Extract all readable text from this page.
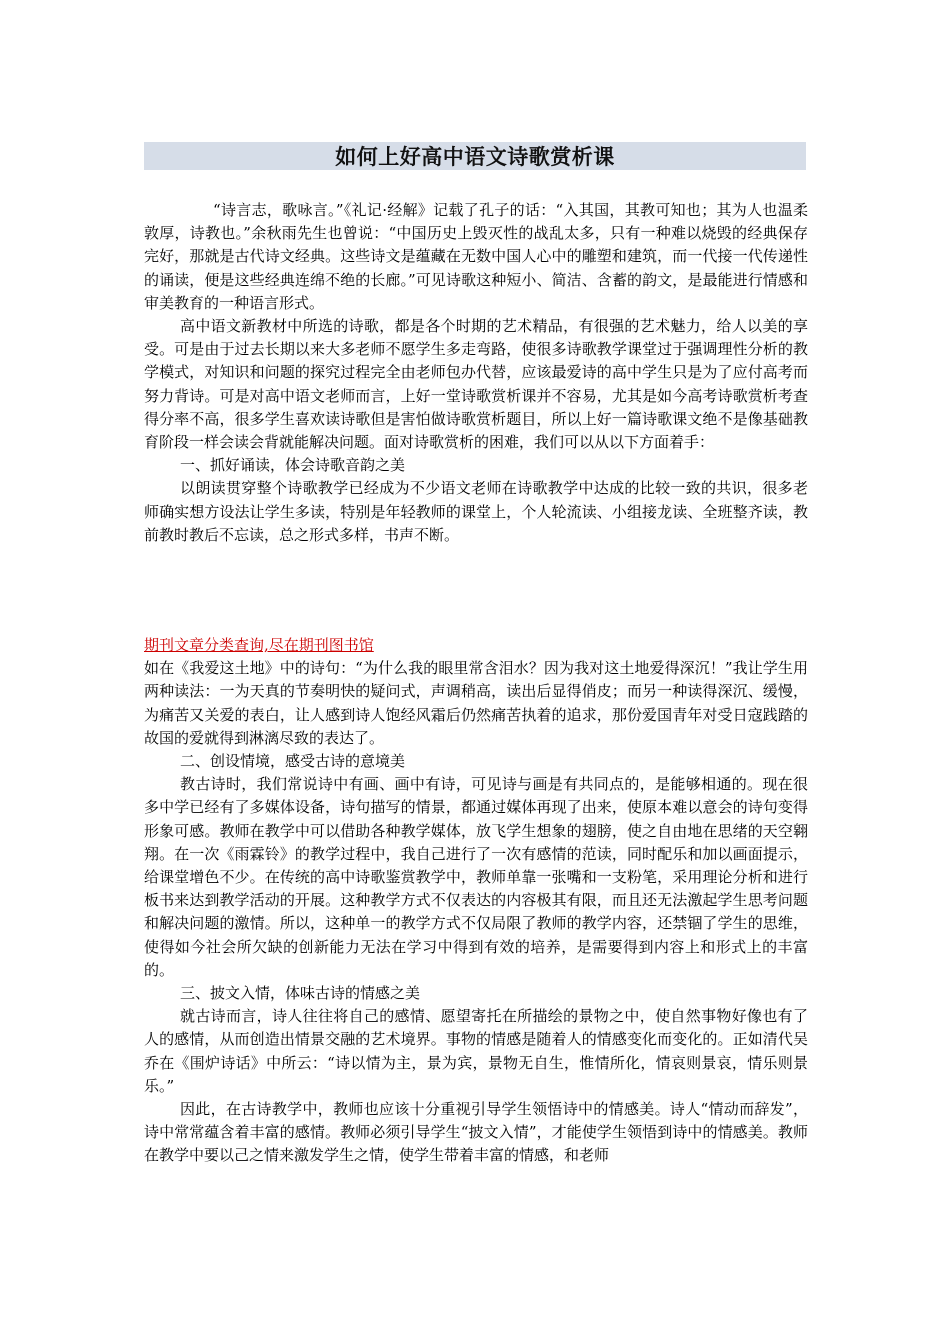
如何上好高中语文诗歌赏析课

“诗言志，歌咏言。”《礼记·经解》记载了孔子的话：“入其国，其教可知也；其为人也温柔敦厚，诗教也。”余秋雨先生也曾说：“中国历史上毁灭性的战乱太多，只有一种难以烧毁的经典保存完好，那就是古代诗文经典。这些诗文是蕴藏在无数中国人心中的雕塑和建筑，而一代接一代传递性的诵读，便是这些经典连绵不绝的长廊。”可见诗歌这种短小、简洁、含蓄的韵文，是最能进行情感和审美教育的一种语言形式。

高中语文新教材中所选的诗歌，都是各个时期的艺术精品，有很强的艺术魅力，给人以美的享受。可是由于过去长期以来大多老师不愿学生多走弯路，使很多诗歌教学课堂过于强调理性分析的教学模式，对知识和问题的探究过程完全由老师包办代替，应该最爱诗的高中学生只是为了应付高考而努力背诗。可是对高中语文老师而言，上好一堂诗歌赏析课并不容易，尤其是如今高考诗歌赏析考查得分率不高，很多学生喜欢读诗歌但是害怕做诗歌赏析题目，所以上好一篇诗歌课文绝不是像基础教育阶段一样会读会背就能解决问题。面对诗歌赏析的困难，我们可以从以下方面着手：

一、抓好诵读，体会诗歌音韵之美

以朗读贯穿整个诗歌教学已经成为不少语文老师在诗歌教学中达成的比较一致的共识，很多老师确实想方设法让学生多读，特别是年轻教师的课堂上，个人轮流读、小组接龙读、全班整齐读，教前教时教后不忘读，总之形式多样，书声不断。

期刊文章分类查询,尽在期刊图书馆

如在《我爱这土地》中的诗句：“为什么我的眼里常含泪水？因为我对这土地爱得深沉！”我让学生用两种读法：一为天真的节奏明快的疑问式，声调稍高，读出后显得俏皮；而另一种读得深沉、缓慢，为痛苦又关爱的表白，让人感到诗人饱经风霜后仍然痛苦执着的追求，那份爱国青年对受日寇践踏的故国的爱就得到淋漓尽致的表达了。

二、创设情境，感受古诗的意境美

教古诗时，我们常说诗中有画、画中有诗，可见诗与画是有共同点的，是能够相通的。现在很多中学已经有了多媒体设备，诗句描写的情景，都通过媒体再现了出来，使原本难以意会的诗句变得形象可感。教师在教学中可以借助各种教学媒体，放飞学生想象的翅膀，使之自由地在思绪的天空翱翔。在一次《雨霖铃》的教学过程中，我自己进行了一次有感情的范读，同时配乐和加以画面提示，给课堂增色不少。在传统的高中诗歌鉴赏教学中，教师单靠一张嘴和一支粉笔，采用理论分析和进行板书来达到教学活动的开展。这种教学方式不仅表达的内容极其有限，而且还无法激起学生思考问题和解决问题的激情。所以，这种单一的教学方式不仅局限了教师的教学内容，还禁锢了学生的思维，使得如今社会所欠缺的创新能力无法在学习中得到有效的培养，是需要得到内容上和形式上的丰富的。

三、披文入情，体味古诗的情感之美

就古诗而言，诗人往往将自己的感情、愿望寄托在所描绘的景物之中，使自然事物好像也有了人的感情，从而创造出情景交融的艺术境界。事物的情感是随着人的情感变化而变化的。正如清代吴乔在《围炉诗话》中所云：“诗以情为主，景为宾，景物无自生，惟情所化，情哀则景哀，情乐则景乐。”

因此，在古诗教学中，教师也应该十分重视引导学生领悟诗中的情感美。诗人“情动而辞发”，诗中常常蕴含着丰富的感情。教师必须引导学生“披文入情”，才能使学生领悟到诗中的情感美。教师在教学中要以己之情来激发学生之情，使学生带着丰富的情感，和老师
